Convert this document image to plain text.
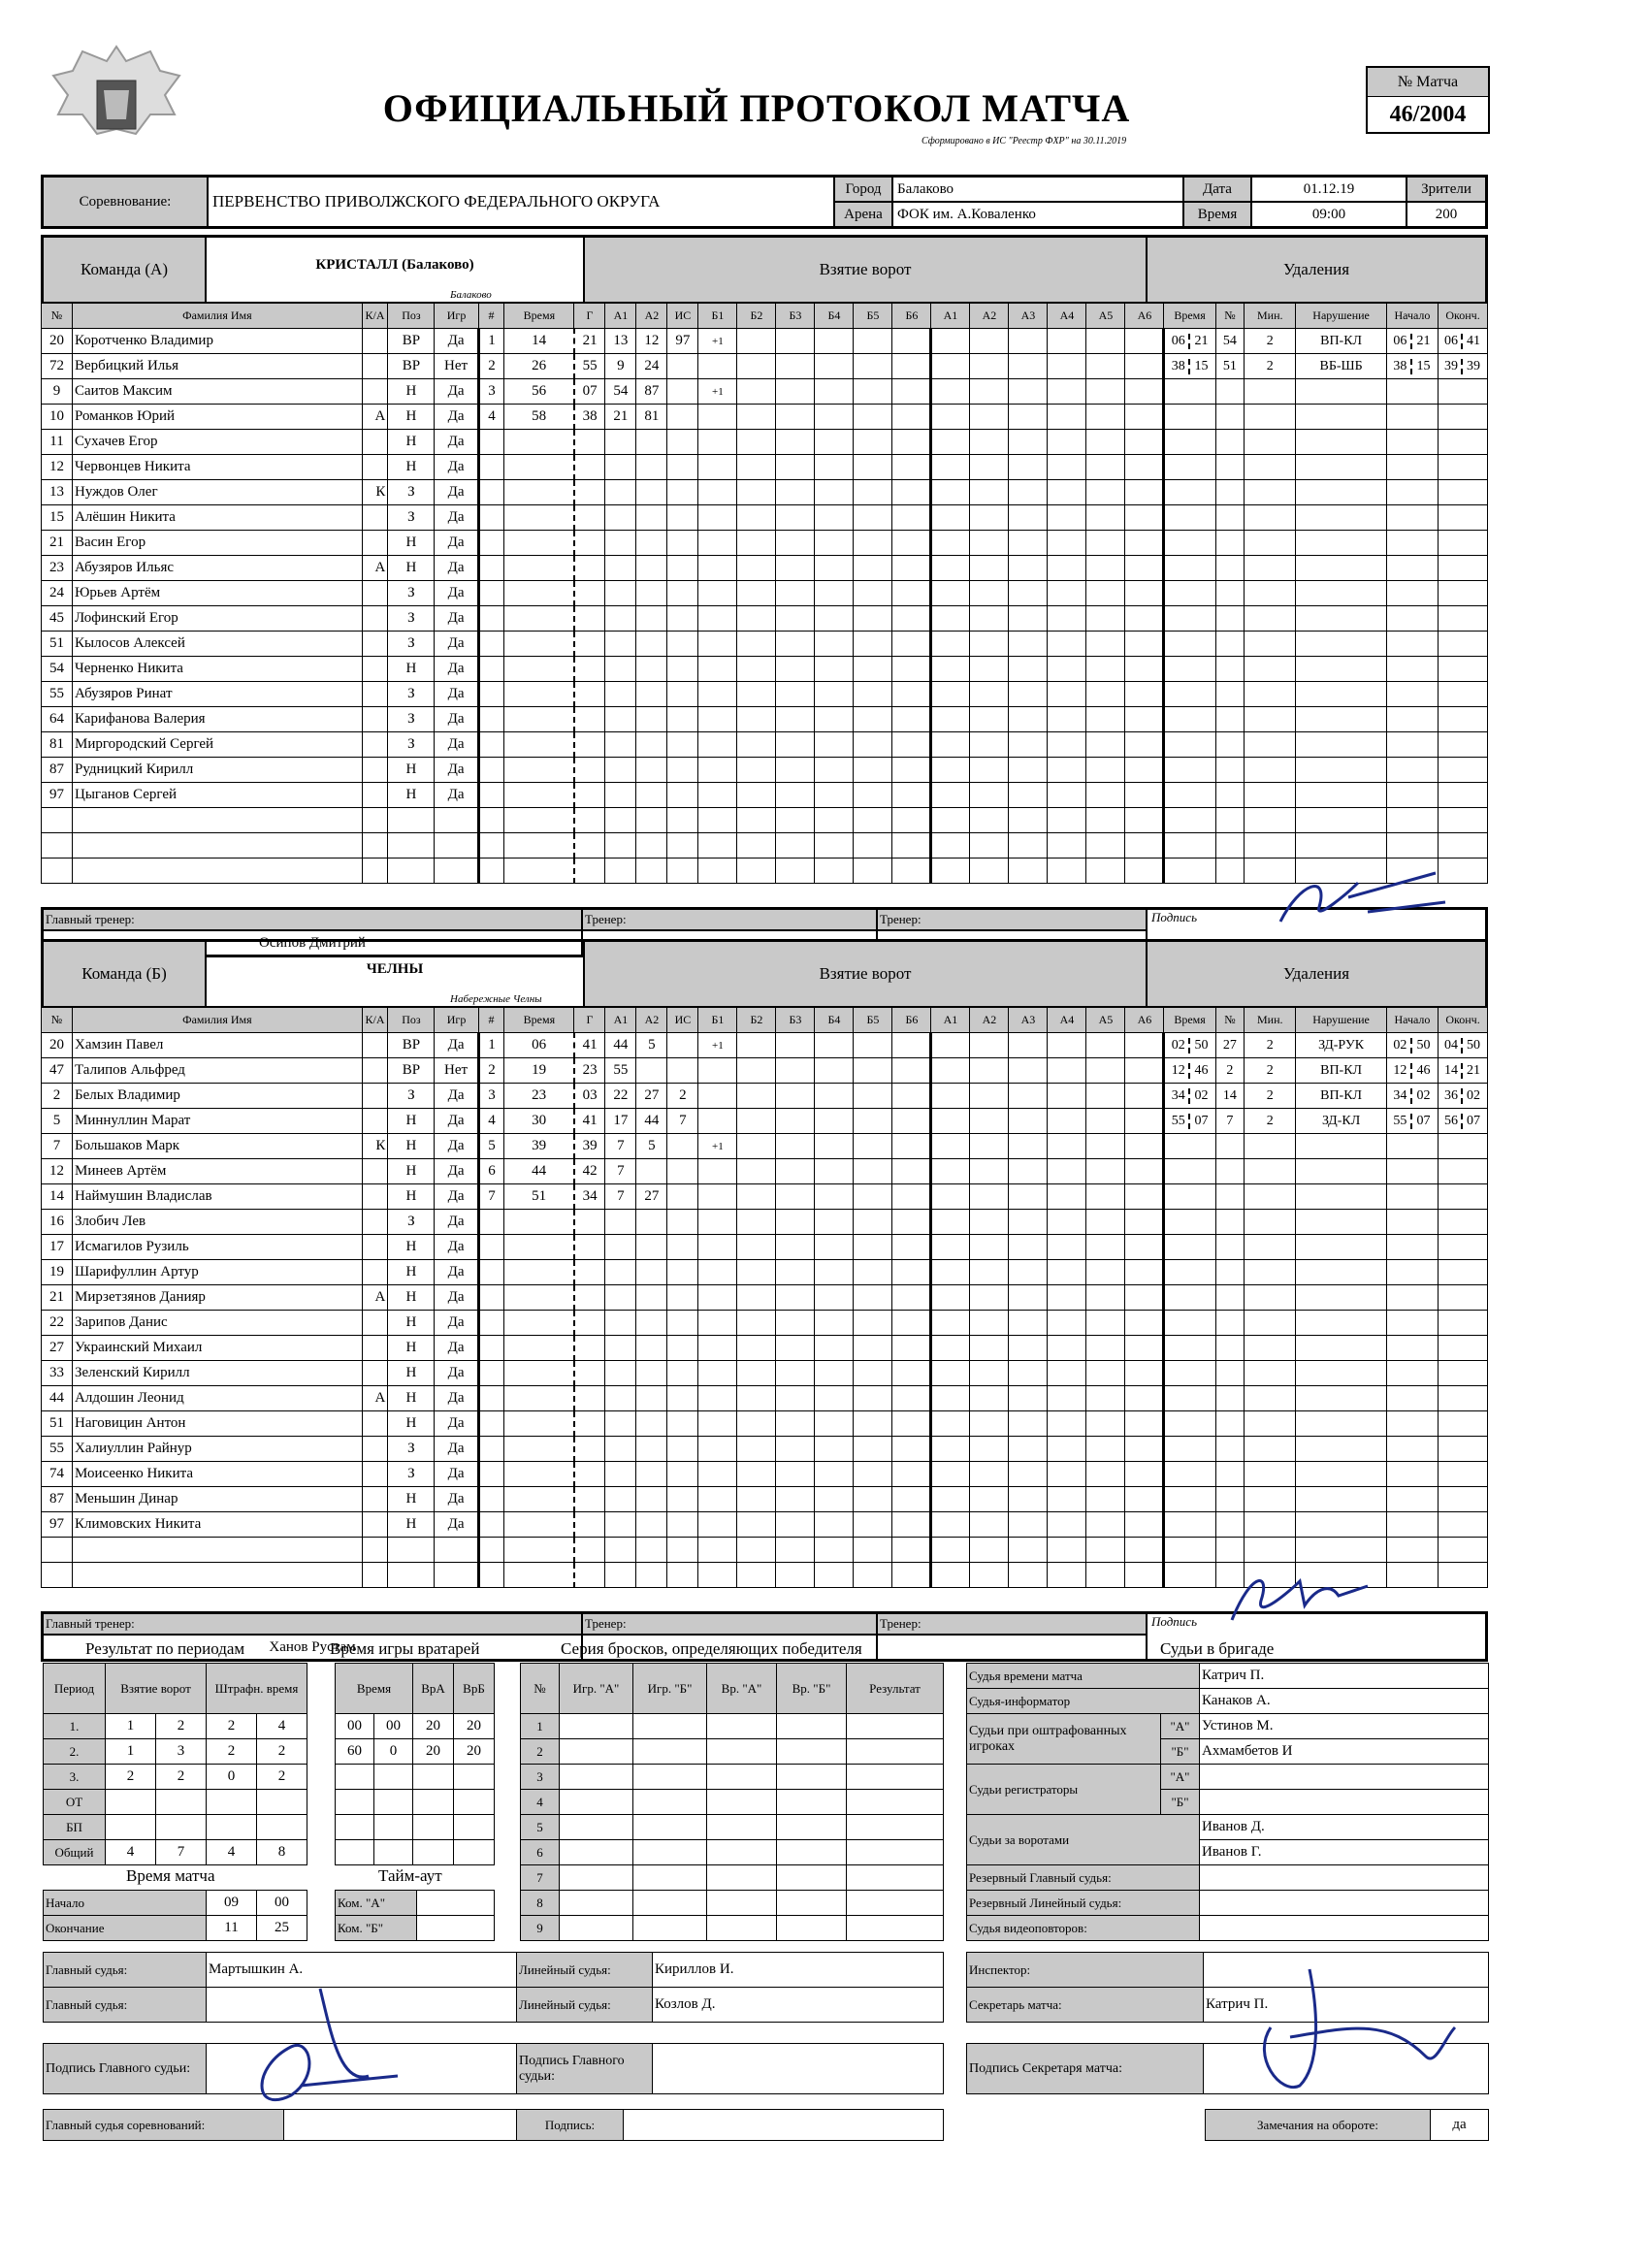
ОФИЦИАЛЬНЫЙ ПРОТОКОЛ МАТЧА
Сформировано в ИС "Реестр ФХР" на 30.11.2019
№ Матча
46/2004
Соревнование:	ПЕРВЕНСТВО ПРИВОЛЖСКОГО ФЕДЕРАЛЬНОГО ОКРУГА
Город	Балаково
Арена	ФОК им. А.Коваленко
Дата	01.12.19
Время	09:00
Зрители
200
Команда (А)	КРИСТАЛЛ (Балаково)
Балаково
Взятие ворот	Удаления
№	Фамилия Имя	К/А	Поз	Игр	#	Время	Г	А1	А2	ИС	Б1	Б2	Б3	Б4	Б5	Б6	А1	А2	А3	А4	А5	А6	Время	№	Мин.	Нарушение	Начало	Оконч.
20	Коротченко Владимир		ВР	Да	1	14	21	13	12	97	+1												06 21	54	2	ВП-КЛ	06 21	06 41
72	Вербицкий Илья		ВР	Нет	2	26	55	9	24														38 15	51	2	ВБ-ШБ	38 15	39 39
9	Саитов Максим		Н	Да	3	56	07	54	87		+1																	
10	Романков Юрий	А	Н	Да	4	58	38	21	81																			
11	Сухачев Егор		Н	Да																								
12	Червонцев Никита		Н	Да																								
13	Нуждов Олег	К	З	Да																								
15	Алёшин Никита		З	Да																								
21	Васин Егор		Н	Да																								
23	Абузяров Ильяс	А	Н	Да																								
24	Юрьев Артём		З	Да																								
45	Лофинский Егор		З	Да																								
51	Кылосов Алексей		З	Да																								
54	Черненко Никита		Н	Да																								
55	Абузяров Ринат		З	Да																								
64	Карифанова Валерия		З	Да																								
81	Миргородский Сергей		З	Да																								
87	Рудницкий Кирилл		Н	Да																								
97	Цыганов Сергей		Н	Да																								

Главный тренер:
Осипов Дмитрий
Тренер:	Тренер:	Подпись
Команда (Б)	ЧЕЛНЫ
Набережные Челны
Взятие ворот	Удаления
№	Фамилия Имя	К/А	Поз	Игр	#	Время	Г	А1	А2	ИС	Б1	Б2	Б3	Б4	Б5	Б6	А1	А2	А3	А4	А5	А6	Время	№	Мин.	Нарушение	Начало	Оконч.
20	Хамзин Павел		ВР	Да	1	06	41	44	5		+1												02 50	27	2	ЗД-РУК	02 50	04 50
47	Талипов Альфред		ВР	Нет	2	19	23	55															12 46	2	2	ВП-КЛ	12 46	14 21
2	Белых Владимир		З	Да	3	23	03	22	27	2													34 02	14	2	ВП-КЛ	34 02	36 02
5	Миннуллин Марат		Н	Да	4	30	41	17	44	7													55 07	7	2	ЗД-КЛ	55 07	56 07
7	Большаков Марк	К	Н	Да	5	39	39	7	5		+1																	
12	Минеев Артём		Н	Да	6	44	42	7																				
14	Наймушин Владислав		Н	Да	7	51	34	7	27																			
16	Злобич Лев		З	Да																								
17	Исмагилов Рузиль		Н	Да																								
19	Шарифуллин Артур		Н	Да																								
21	Мирзетзянов Данияр	А	Н	Да																								
22	Зарипов Данис		Н	Да																								
27	Украинский Михаил		Н	Да																								
33	Зеленский Кирилл		Н	Да																								
44	Алдошин Леонид	А	Н	Да																								
51	Наговицин Антон		Н	Да																								
55	Халиуллин Райнур		З	Да																								
74	Моисеенко Никита		З	Да																								
87	Меньшин Динар		Н	Да																								
97	Климовских Никита		Н	Да																								

Главный тренер:
Ханов Рустам
Тренер:	Тренер:	Подпись
Результат по периодам
Период	Взятие ворот		Штрафн. время	
1.	1	2	2	4
2.	1	3	2	2
3.	2	2	0	2
ОТ				
БП				
Общий	4	7	4	8
Время игры вратарей
Время		ВрА	ВрБ
00	00	20	20
60	0	20	20

Время матча
Начало	09	00
Окончание	11	25
Тайм-аут
Ком. "А"	
Ком. "Б"	
Серия бросков, определяющих победителя
№	Игр. "А"	Игр. "Б"	Вр. "А"	Вр. "Б"	Результат
1					
2					
3					
4					
5					
6					
7					
8					
9					
Судьи в бригаде
Судья времени матча		Катрич П.
Судья-информатор		Канаков А.
Судьи при оштрафованных игроках	"А"	Устинов М.
	"Б"	Ахмамбетов И
Судьи регистраторы	"А"	
	"Б"	
Судьи за воротами		Иванов Д.
		Иванов Г.
Резервный Главный судья:		
Резервный Линейный судья:		
Судья видеоповторов:		
Главный судья:	Мартышкин А.	Линейный судья:	Кириллов И.
Главный судья:		Линейный судья:	Козлов Д.
Подпись Главного судьи:		Подпись Главного судьи:	
Инспектор:	
Секретарь матча:	Катрич П.
Подпись Секретаря матча:	
Главный судья соревнований:		Подпись:		Замечания на обороте:	да
